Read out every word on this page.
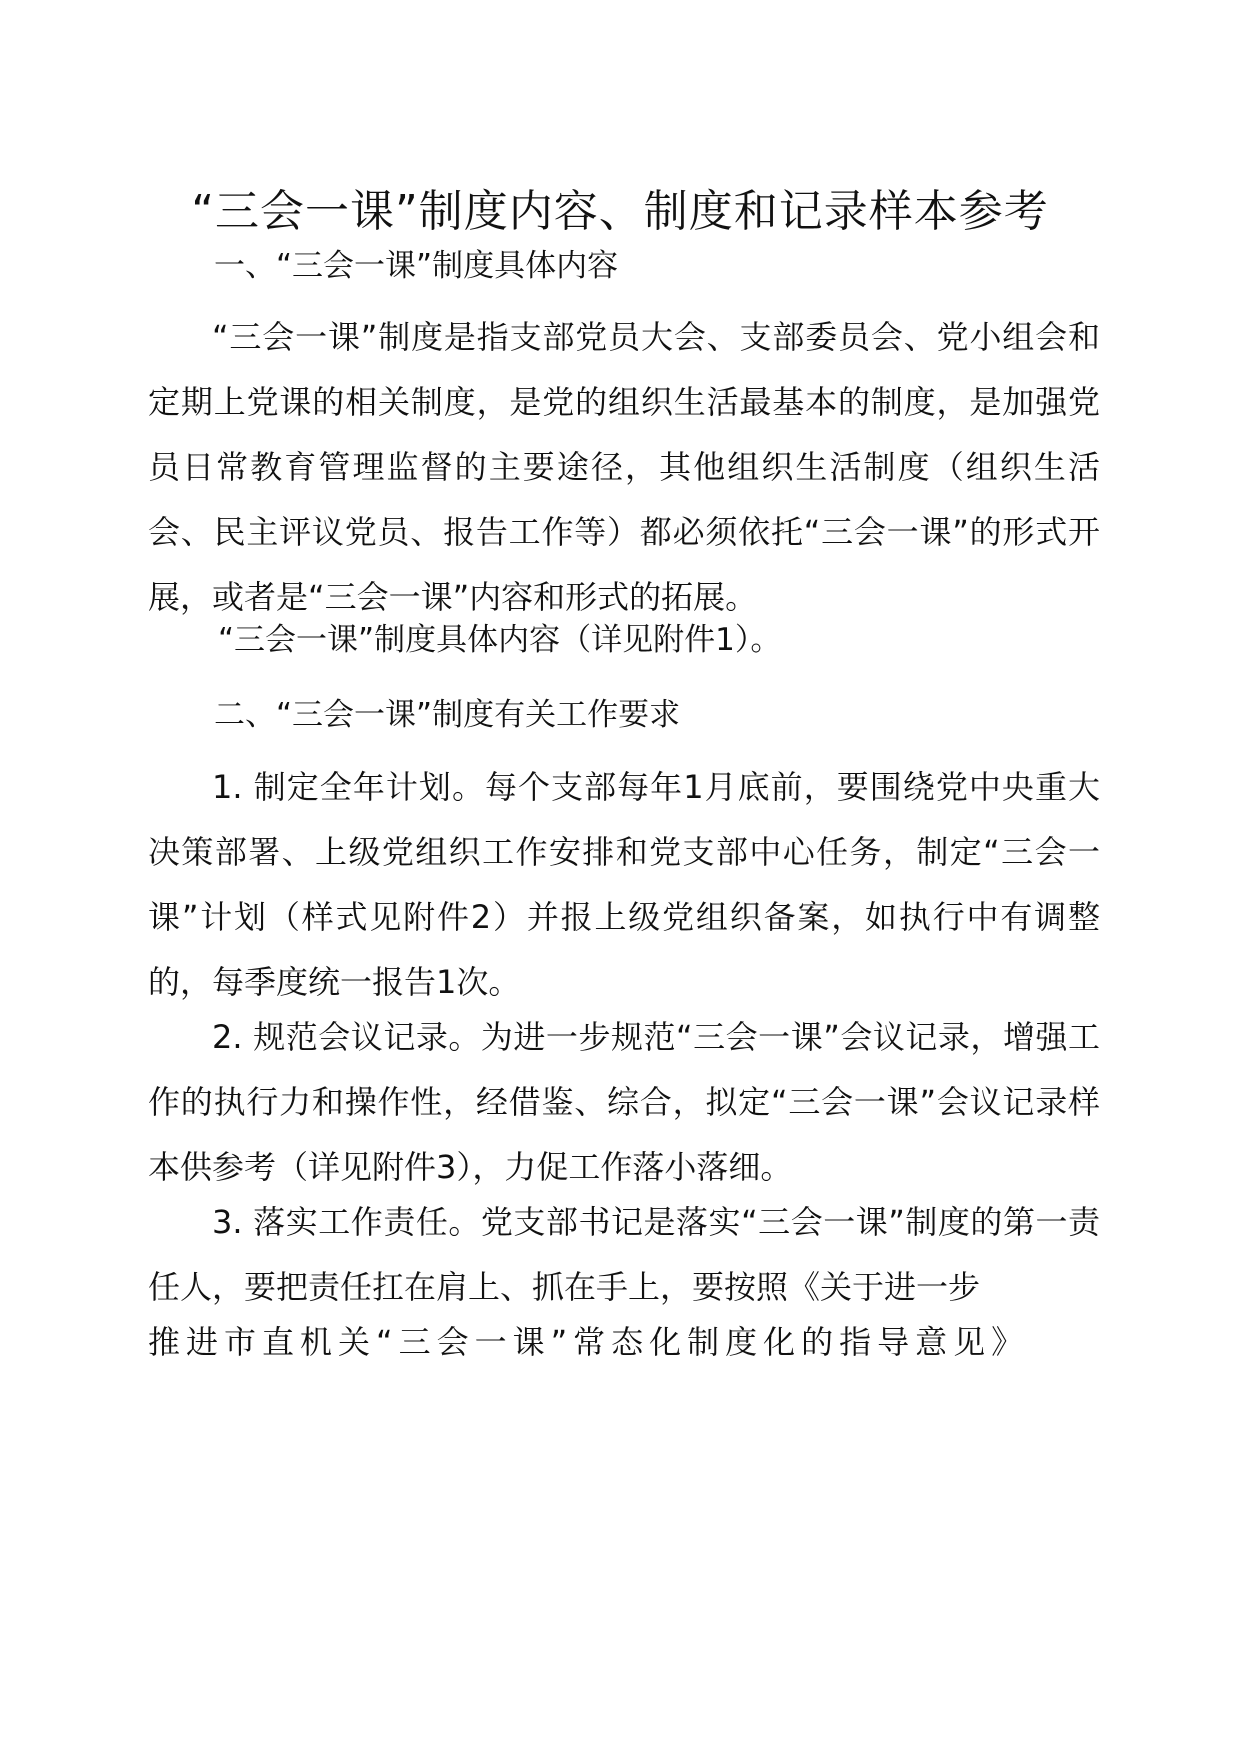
“三会一课”制度内容、制度和记录样本参考
一、“三会一课”制度具体内容
“三会一课”制度是指支部党员大会、支部委员会、党小组会和定期上党课的相关制度，是党的组织生活最基本的制度，是加强党员日常教育管理监督的主要途径，其他组织生活制度（组织生活会、民主评议党员、报告工作等）都必须依托“三会一课”的形式开展，或者是“三会一课”内容和形式的拓展。
“三会一课”制度具体内容（详见附件1）。
二、“三会一课”制度有关工作要求
1. 制定全年计划。每个支部每年1月底前，要围绕党中央重大决策部署、上级党组织工作安排和党支部中心任务，制定“三会一课”计划（样式见附件2）并报上级党组织备案，如执行中有调整的，每季度统一报告1次。
2. 规范会议记录。为进一步规范“三会一课”会议记录，增强工作的执行力和操作性，经借鉴、综合，拟定“三会一课”会议记录样本供参考（详见附件3），力促工作落小落细。
3. 落实工作责任。党支部书记是落实“三会一课”制度的第一责任人，要把责任扛在肩上、抓在手上，要按照《关于进一步
推进市直机关“三会一课”常态化制度化的指导意见》
